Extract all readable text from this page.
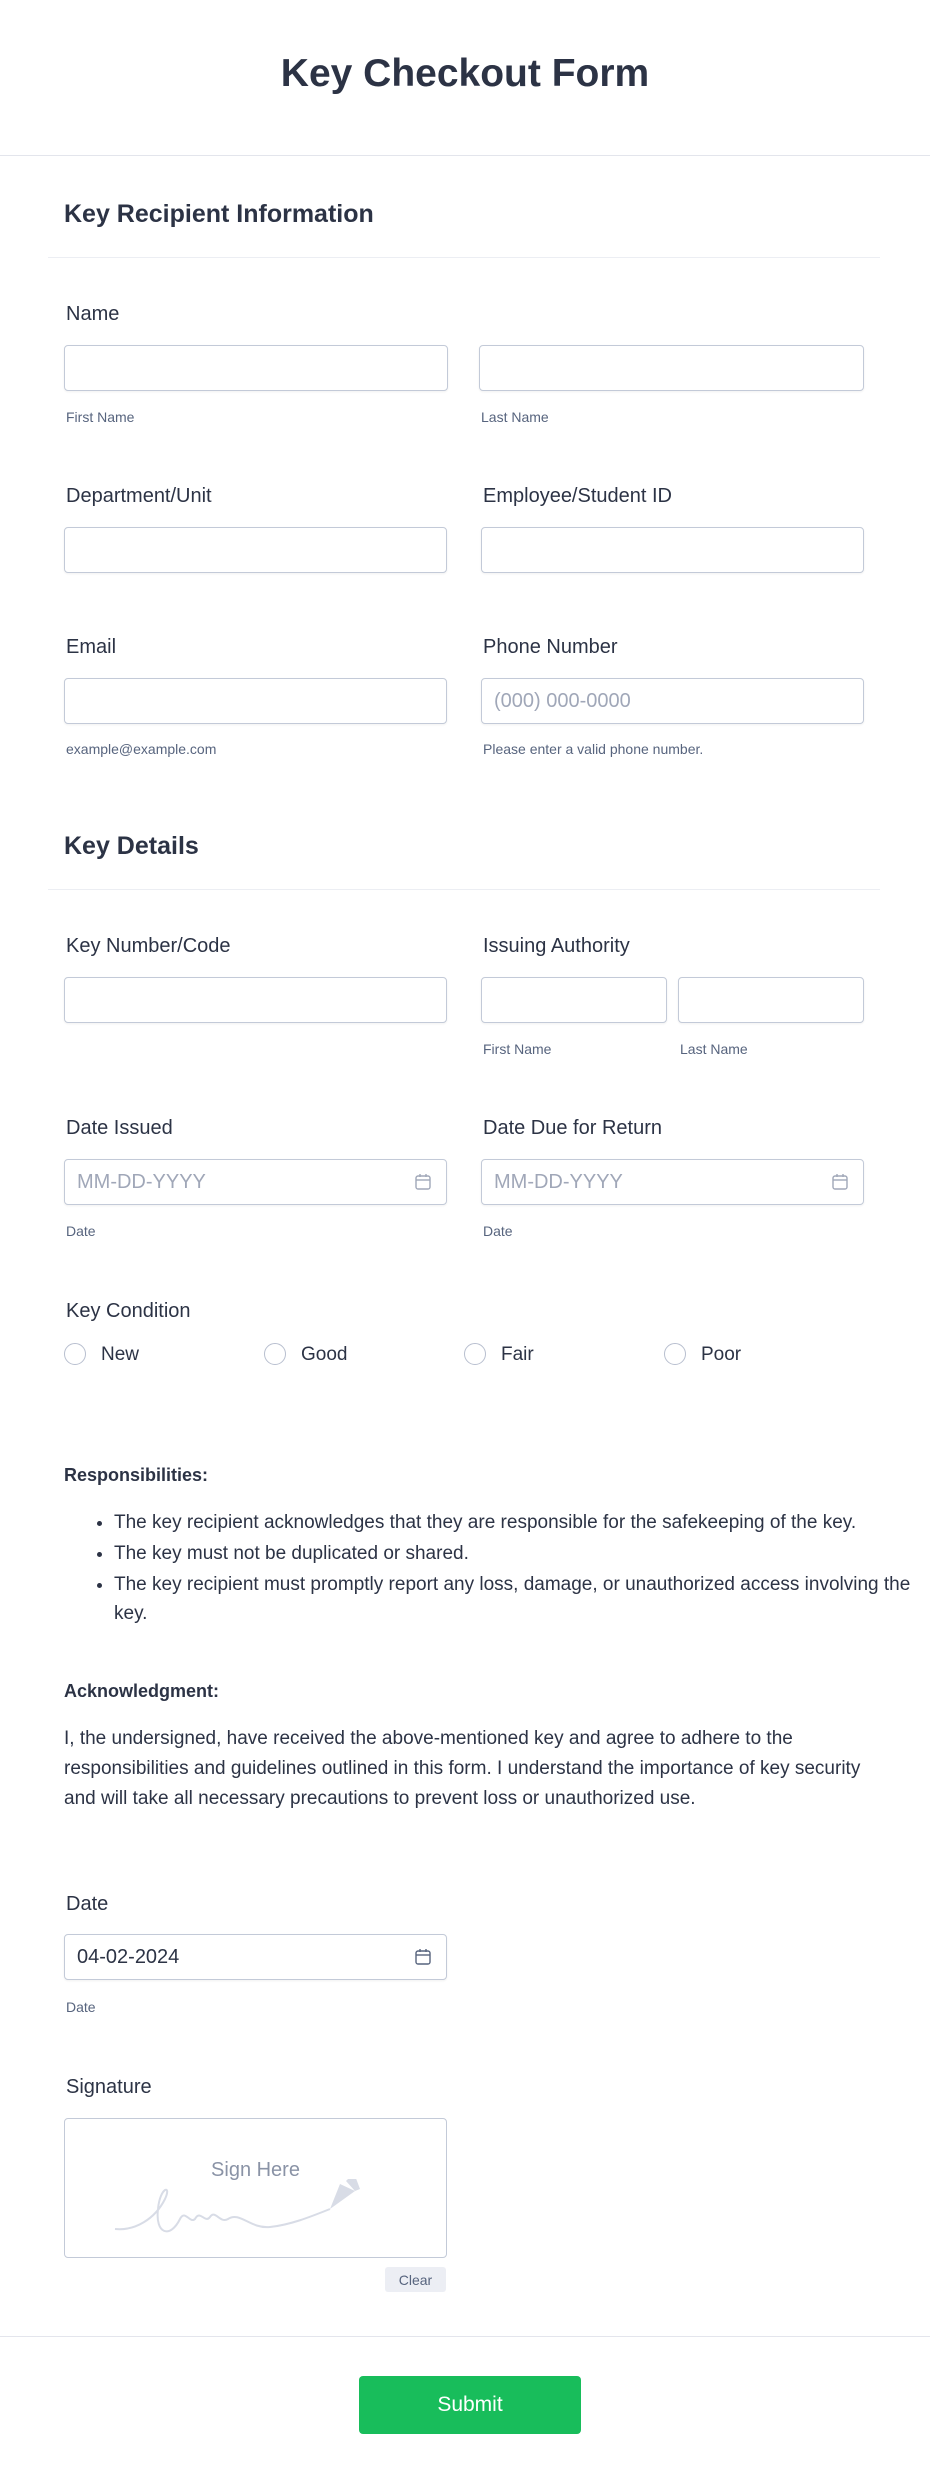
Key Checkout Form
Key Recipient Information
Name
First Name	Last Name
Department/Unit	Employee/Student ID
Email
example@example.com
Phone Number
(000) 000-0000
Please enter a valid phone number.
Key Details
Key Number/Code	Issuing Authority
First Name	Last Name
Date Issued
MM-DD-YYYY
Date
Date Due for Return
MM-DD-YYYY
Date
Key Condition
New	Good	Fair	Poor
Responsibilities:
• The key recipient acknowledges that they are responsible for the safekeeping of the key.
• The key must not be duplicated or shared.
• The key recipient must promptly report any loss, damage, or unauthorized access involving the key.
Acknowledgment:
I, the undersigned, have received the above-mentioned key and agree to adhere to the responsibilities and guidelines outlined in this form. I understand the importance of key security and will take all necessary precautions to prevent loss or unauthorized use.
Date
04-02-2024
Date
Signature
Sign Here
Clear
Submit
